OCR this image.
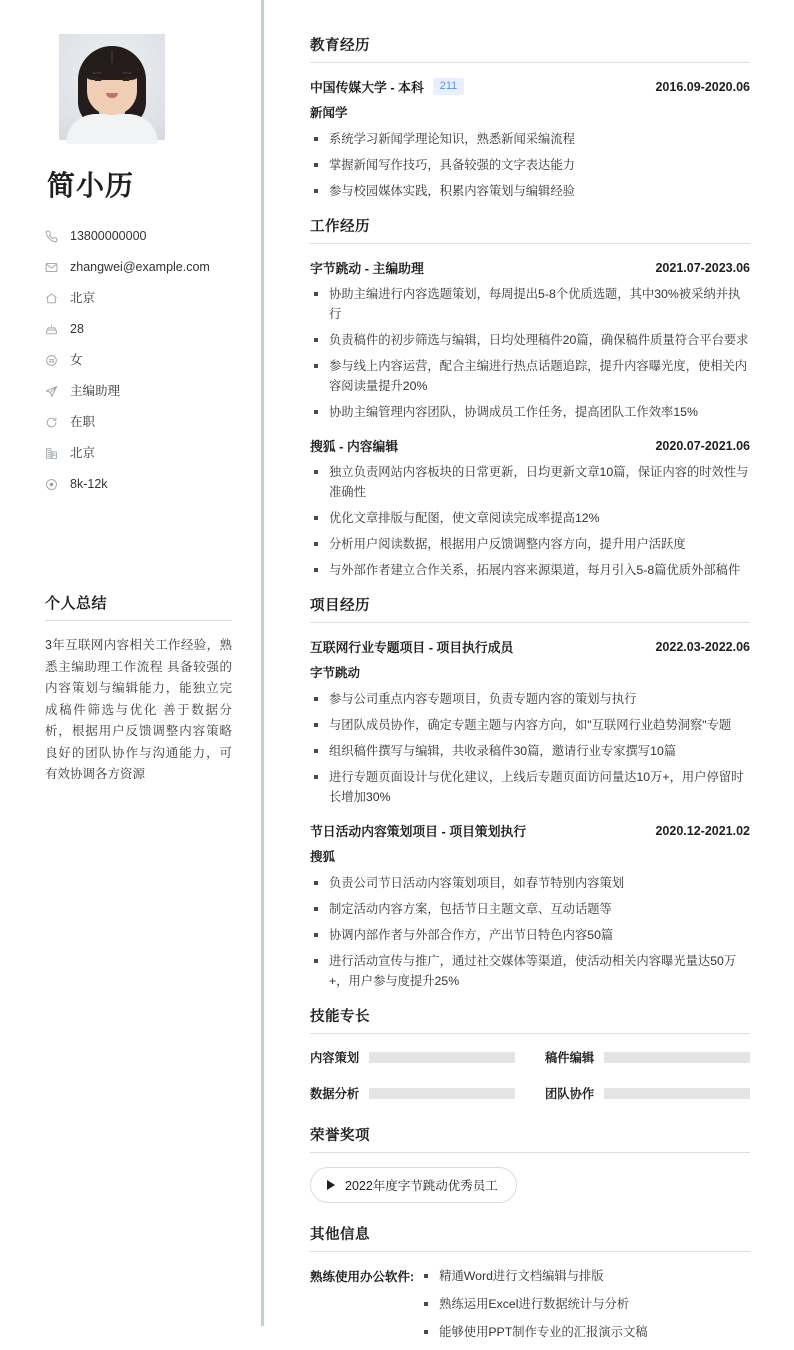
简小历
13800000000
zhangwei@example.com
北京
28
女
主编助理
在职
北京
8k-12k
个人总结
3年互联网内容相关工作经验，熟悉主编助理工作流程 具备较强的内容策划与编辑能力，能独立完成稿件筛选与优化 善于数据分析，根据用户反馈调整内容策略 良好的团队协作与沟通能力，可有效协调各方资源
教育经历
中国传媒大学 - 本科	211	2016.09-2020.06
新闻学
系统学习新闻学理论知识，熟悉新闻采编流程
掌握新闻写作技巧，具备较强的文字表达能力
参与校园媒体实践，积累内容策划与编辑经验
工作经历
字节跳动 - 主编助理	2021.07-2023.06
协助主编进行内容选题策划，每周提出5-8个优质选题，其中30%被采纳并执行
负责稿件的初步筛选与编辑，日均处理稿件20篇，确保稿件质量符合平台要求
参与线上内容运营，配合主编进行热点话题追踪，提升内容曝光度，使相关内容阅读量提升20%
协助主编管理内容团队，协调成员工作任务，提高团队工作效率15%
搜狐 - 内容编辑	2020.07-2021.06
独立负责网站内容板块的日常更新，日均更新文章10篇，保证内容的时效性与准确性
优化文章排版与配图，使文章阅读完成率提高12%
分析用户阅读数据，根据用户反馈调整内容方向，提升用户活跃度
与外部作者建立合作关系，拓展内容来源渠道，每月引入5-8篇优质外部稿件
项目经历
互联网行业专题项目 - 项目执行成员	2022.03-2022.06
字节跳动
参与公司重点内容专题项目，负责专题内容的策划与执行
与团队成员协作，确定专题主题与内容方向，如"互联网行业趋势洞察"专题
组织稿件撰写与编辑，共收录稿件30篇，邀请行业专家撰写10篇
进行专题页面设计与优化建议，上线后专题页面访问量达10万+，用户停留时长增加30%
节日活动内容策划项目 - 项目策划执行	2020.12-2021.02
搜狐
负责公司节日活动内容策划项目，如春节特别内容策划
制定活动内容方案，包括节日主题文章、互动话题等
协调内部作者与外部合作方，产出节日特色内容50篇
进行活动宣传与推广，通过社交媒体等渠道，使活动相关内容曝光量达50万+，用户参与度提升25%
技能专长
内容策划	稿件编辑
数据分析	团队协作
荣誉奖项
2022年度字节跳动优秀员工
其他信息
熟练使用办公软件:	精通Word进行文档编辑与排版
熟练运用Excel进行数据统计与分析
能够使用PPT制作专业的汇报演示文稿
